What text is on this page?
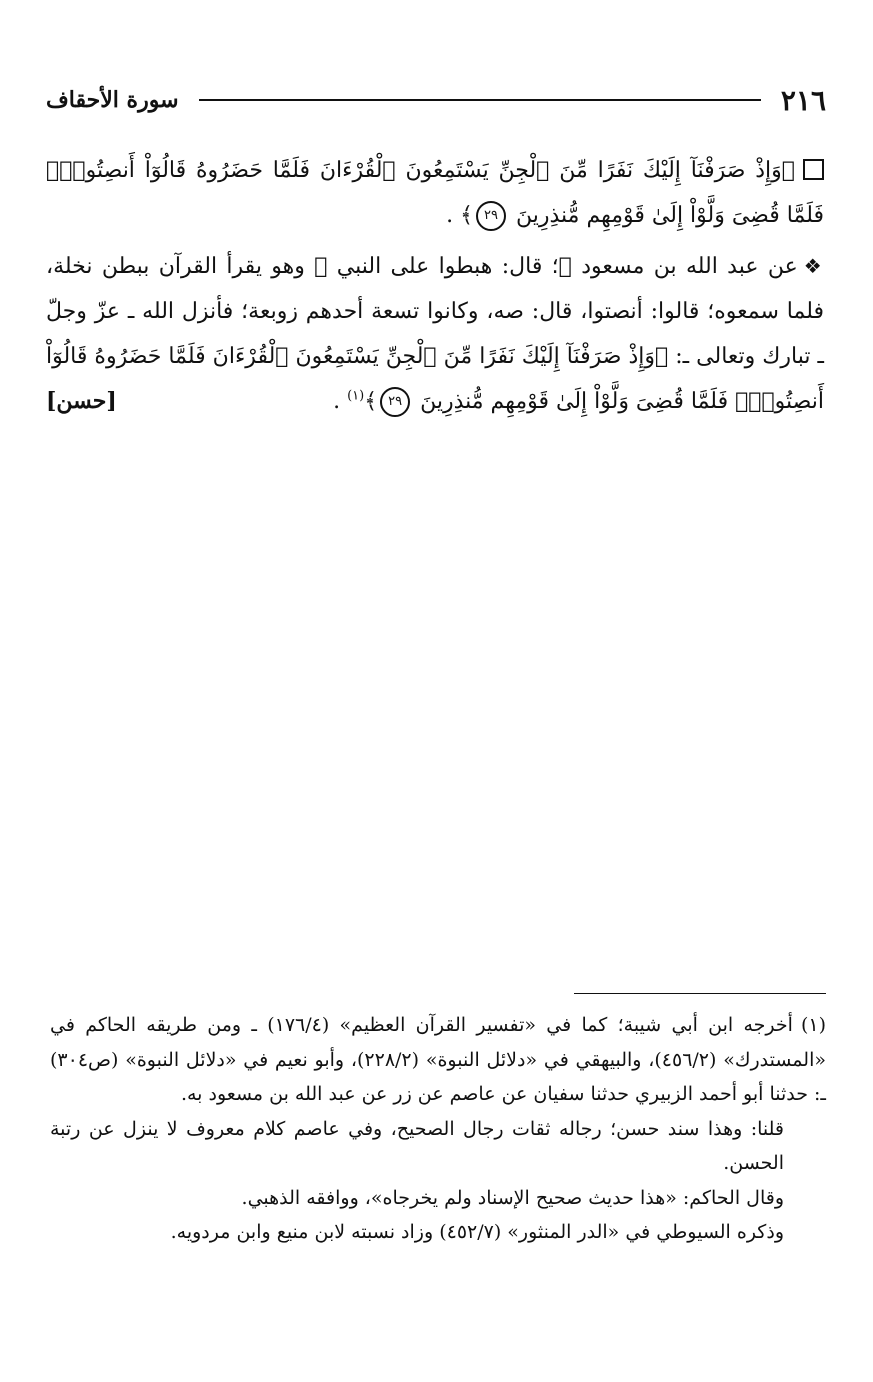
٢١٦
سورة الأحقاف

﴿وَإِذْ صَرَفْنَآ إِلَيْكَ نَفَرًا مِّنَ ٱلْجِنِّ يَسْتَمِعُونَ ٱلْقُرْءَانَ فَلَمَّا حَضَرُوهُ قَالُوٓاْ أَنصِتُواْۖ فَلَمَّا قُضِىَ وَلَّوْاْ إِلَىٰ قَوْمِهِم مُّنذِرِينَ ٢٩﴾ .

❖عن عبد الله بن مسعود ﷺ؛ قال: هبطوا على النبي ﷺ وهو يقرأ القرآن ببطن نخلة، فلما سمعوه؛ قالوا: أنصتوا، قال: صه، وكانوا تسعة أحدهم زوبعة؛ فأنزل الله ـ عزّ وجلّ ـ تبارك وتعالى ـ: ﴿وَإِذْ صَرَفْنَآ إِلَيْكَ نَفَرًا مِّنَ ٱلْجِنِّ يَسْتَمِعُونَ ٱلْقُرْءَانَ فَلَمَّا حَضَرُوهُ قَالُوٓاْ أَنصِتُواْۖ فَلَمَّا قُضِىَ وَلَّوْاْ إِلَىٰ قَوْمِهِم مُّنذِرِينَ ٢٩﴾$^{(١)}$ .
[حسن]

(١)أخرجه ابن أبي شيبة؛ كما في «تفسير القرآن العظيم» (١٧٦/٤) ـ ومن طريقه الحاكم في «المستدرك» (٤٥٦/٢)، والبيهقي في «دلائل النبوة» (٢٢٨/٢)، وأبو نعيم في «دلائل النبوة» (ص٣٠٤) ـ: حدثنا أبو أحمد الزبيري حدثنا سفيان عن عاصم عن زر عن عبد الله بن مسعود به.

قلنا: وهذا سند حسن؛ رجاله ثقات رجال الصحيح، وفي عاصم كلام معروف لا ينزل عن رتبة الحسن.

وقال الحاكم: «هذا حديث صحيح الإسناد ولم يخرجاه»، ووافقه الذهبي.

وذكره السيوطي في «الدر المنثور» (٤٥٢/٧) وزاد نسبته لابن منيع وابن مردويه.
